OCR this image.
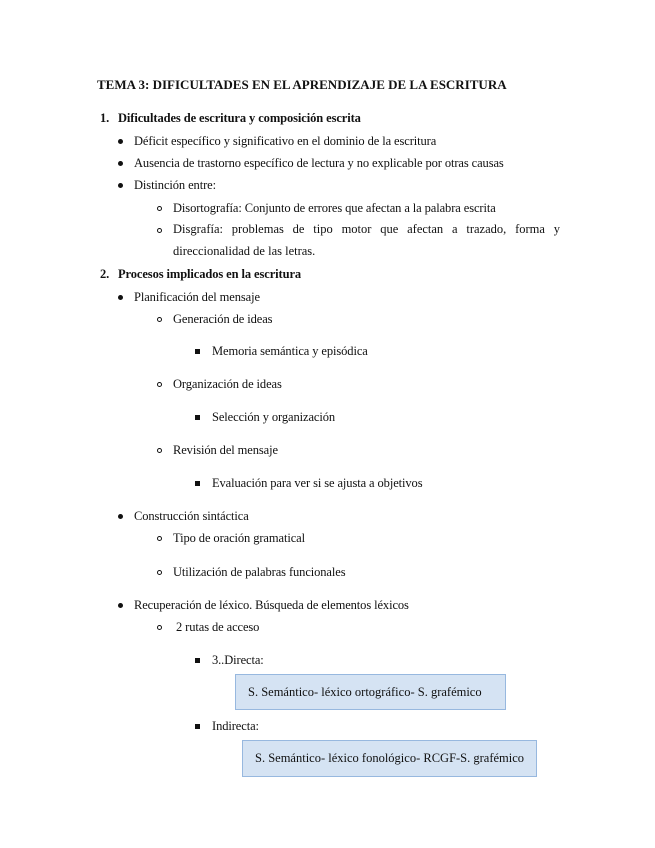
TEMA 3: DIFICULTADES EN EL APRENDIZAJE DE LA ESCRITURA
1. Dificultades de escritura y composición escrita
Déficit específico y significativo en el dominio de la escritura
Ausencia de trastorno específico de lectura y no explicable por otras causas
Distinción entre:
Disortografía: Conjunto de errores que afectan a la palabra escrita
Disgrafía: problemas de tipo motor que afectan a trazado, forma y direccionalidad de las letras.
2. Procesos implicados en la escritura
Planificación del mensaje
Generación de ideas
Memoria semántica y episódica
Organización de ideas
Selección y organización
Revisión del mensaje
Evaluación para ver si se ajusta a objetivos
Construcción sintáctica
Tipo de oración gramatical
Utilización de palabras funcionales
Recuperación de léxico. Búsqueda de elementos léxicos
2 rutas de acceso
3..Directa:
S. Semántico- léxico ortográfico- S. grafémico
Indirecta:
S. Semántico- léxico fonológico- RCGF-S. grafémico
